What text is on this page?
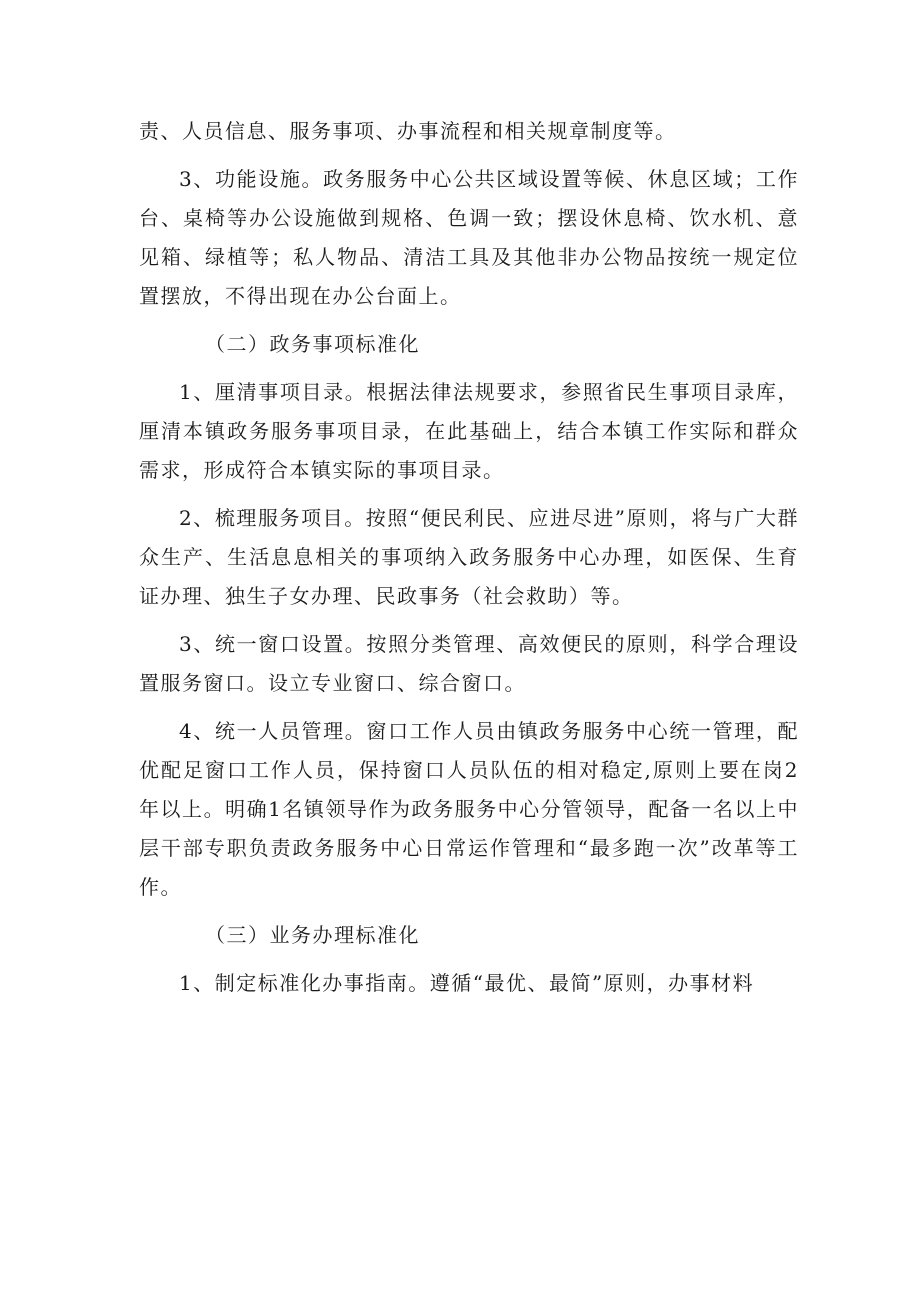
责、人员信息、服务事项、办事流程和相关规章制度等。

3、功能设施。政务服务中心公共区域设置等候、休息区域；工作台、桌椅等办公设施做到规格、色调一致；摆设休息椅、饮水机、意见箱、绿植等；私人物品、清洁工具及其他非办公物品按统一规定位置摆放，不得出现在办公台面上。

（二）政务事项标准化

1、厘清事项目录。根据法律法规要求，参照省民生事项目录库，厘清本镇政务服务事项目录，在此基础上，结合本镇工作实际和群众需求，形成符合本镇实际的事项目录。

2、梳理服务项目。按照“便民利民、应进尽进”原则，将与广大群众生产、生活息息相关的事项纳入政务服务中心办理，如医保、生育证办理、独生子女办理、民政事务（社会救助）等。

3、统一窗口设置。按照分类管理、高效便民的原则，科学合理设置服务窗口。设立专业窗口、综合窗口。

4、统一人员管理。窗口工作人员由镇政务服务中心统一管理，配优配足窗口工作人员，保持窗口人员队伍的相对稳定,原则上要在岗2年以上。明确1名镇领导作为政务服务中心分管领导，配备一名以上中层干部专职负责政务服务中心日常运作管理和“最多跑一次”改革等工作。

（三）业务办理标准化

1、制定标准化办事指南。遵循“最优、最简”原则，办事材料
